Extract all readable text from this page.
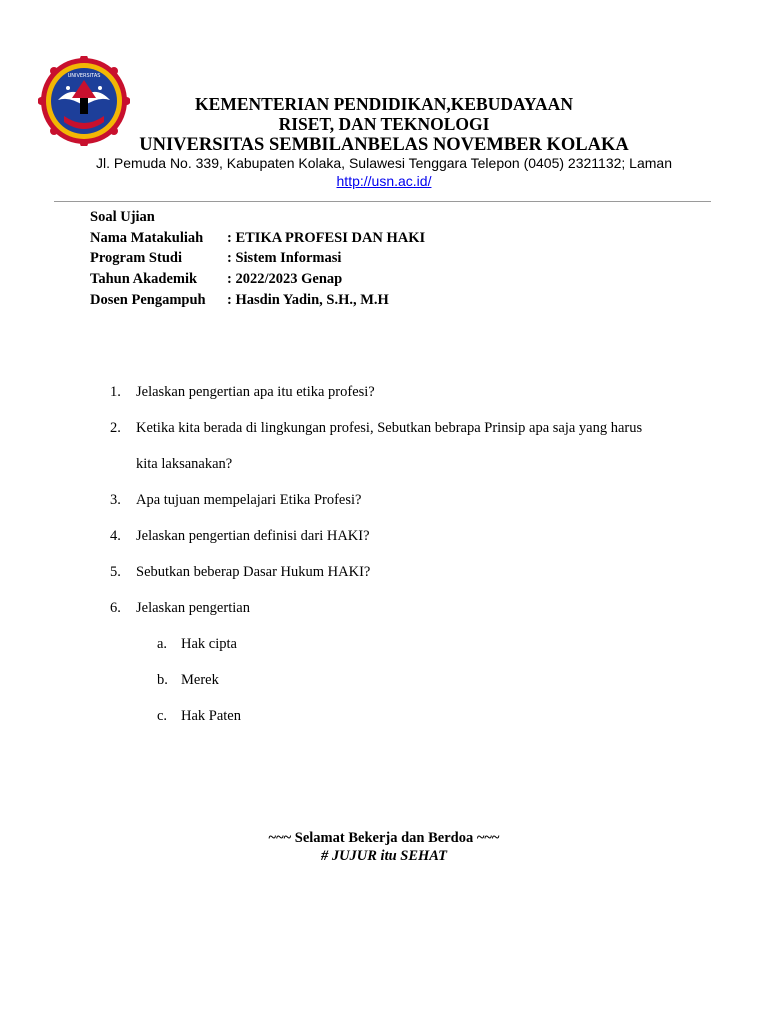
UNIVERSITAS
KEMENTERIAN PENDIDIKAN,KEBUDAYAAN
RISET, DAN TEKNOLOGI
UNIVERSITAS SEMBILANBELAS NOVEMBER KOLAKA
Jl. Pemuda No. 339, Kabupaten Kolaka, Sulawesi Tenggara Telepon (0405) 2321132; Laman
http://usn.ac.id/
Soal Ujian
Nama Matakuliah : ETIKA PROFESI DAN HAKI
Program Studi	: Sistem Informasi
Tahun Akademik : 2022/2023 Genap
Dosen Pengampuh : Hasdin Yadin, S.H., M.H
1.	Jelaskan pengertian apa itu etika profesi?
2.	Ketika kita berada di lingkungan profesi, Sebutkan bebrapa Prinsip apa saja yang harus
kita laksanakan?
3.	Apa tujuan mempelajari Etika Profesi?
4.	Jelaskan pengertian definisi dari HAKI?
5.	Sebutkan beberap Dasar Hukum HAKI?
6.	Jelaskan pengertian
a. Hak cipta
b. Merek
c. Hak Paten
~~~ Selamat Bekerja dan Berdoa ~~~
# JUJUR itu SEHAT
